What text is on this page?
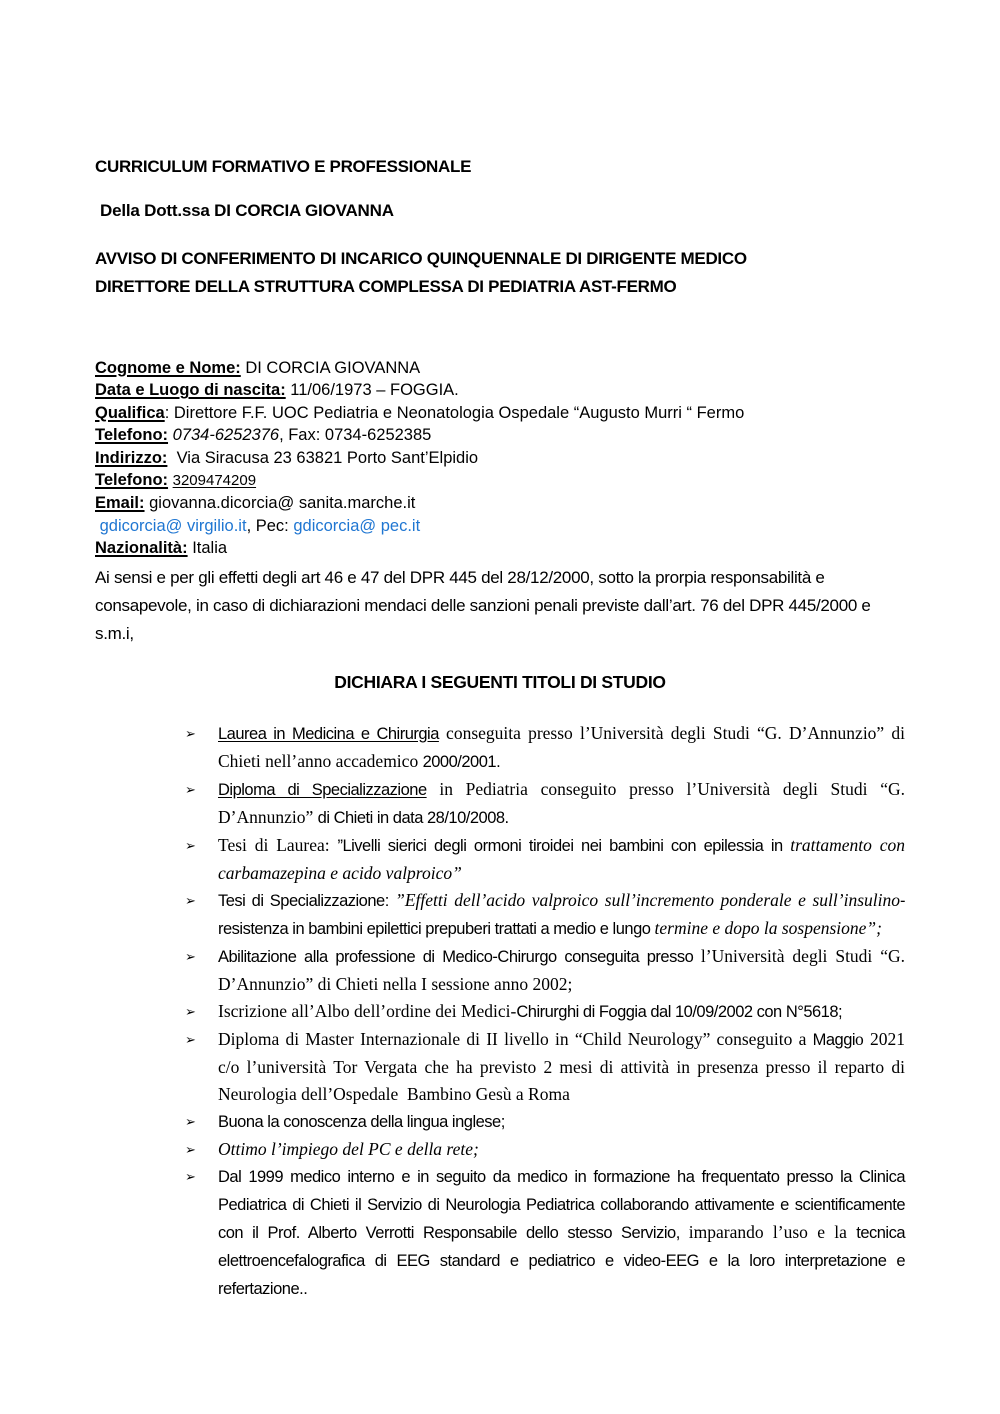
CURRICULUM FORMATIVO E PROFESSIONALE
Della Dott.ssa DI CORCIA GIOVANNA
AVVISO DI CONFERIMENTO DI INCARICO QUINQUENNALE DI DIRIGENTE MEDICO
DIRETTORE DELLA STRUTTURA COMPLESSA DI PEDIATRIA AST-FERMO
Cognome e Nome: DI CORCIA GIOVANNA
Data e Luogo di nascita: 11/06/1973 – FOGGIA.
Qualifica: Direttore F.F. UOC Pediatria e Neonatologia Ospedale “Augusto Murri “ Fermo
Telefono: 0734-6252376, Fax: 0734-6252385
Indirizzo:  Via Siracusa 23 63821 Porto Sant’Elpidio
Telefono: 3209474209
Email: giovanna.dicorcia@ sanita.marche.it
gdicorcia@ virgilio.it, Pec: gdicorcia@ pec.it
Nazionalità: Italia
Ai sensi e per gli effetti degli art 46 e 47 del DPR 445 del 28/12/2000, sotto la prorpia responsabilità e consapevole, in caso di dichiarazioni mendaci delle sanzioni penali previste dall’art. 76 del DPR 445/2000 e s.m.i,
DICHIARA I SEGUENTI TITOLI DI STUDIO
➢ Laurea in Medicina e Chirurgia conseguita presso l’Università degli Studi “G. D’Annunzio” di Chieti nell’anno accademico 2000/2001.
➢ Diploma di Specializzazione in Pediatria conseguito presso l’Università degli Studi “G. D’Annunzio” di Chieti in data 28/10/2008.
➢ Tesi di Laurea: ”Livelli sierici degli ormoni tiroidei nei bambini con epilessia in trattamento con carbamazepina e acido valproico”
➢ Tesi di Specializzazione: ”Effetti dell’acido valproico sull’incremento ponderale e sull’insulino-resistenza in bambini epilettici prepuberi trattati a medio e lungo termine e dopo la sospensione”;
➢ Abilitazione alla professione di Medico-Chirurgo conseguita presso l’Università degli Studi “G. D’Annunzio” di Chieti nella I sessione anno 2002;
➢ Iscrizione all’Albo dell’ordine dei Medici-Chirurghi di Foggia dal 10/09/2002 con N°5618;
➢ Diploma di Master Internazionale di II livello in “Child Neurology” conseguito a Maggio 2021 c/o l’università Tor Vergata che ha previsto 2 mesi di attività in presenza presso il reparto di Neurologia dell’Ospedale  Bambino Gesù a Roma
➢ Buona la conoscenza della lingua inglese;
➢ Ottimo l’impiego del PC e della rete;
➢ Dal 1999 medico interno e in seguito da medico in formazione ha frequentato presso la Clinica Pediatrica di Chieti il Servizio di Neurologia Pediatrica collaborando attivamente e scientificamente con il Prof. Alberto Verrotti Responsabile dello stesso Servizio, imparando l’uso e la tecnica elettroencefalografica di EEG standard e pediatrico e video-EEG e la loro interpretazione e refertazione..
